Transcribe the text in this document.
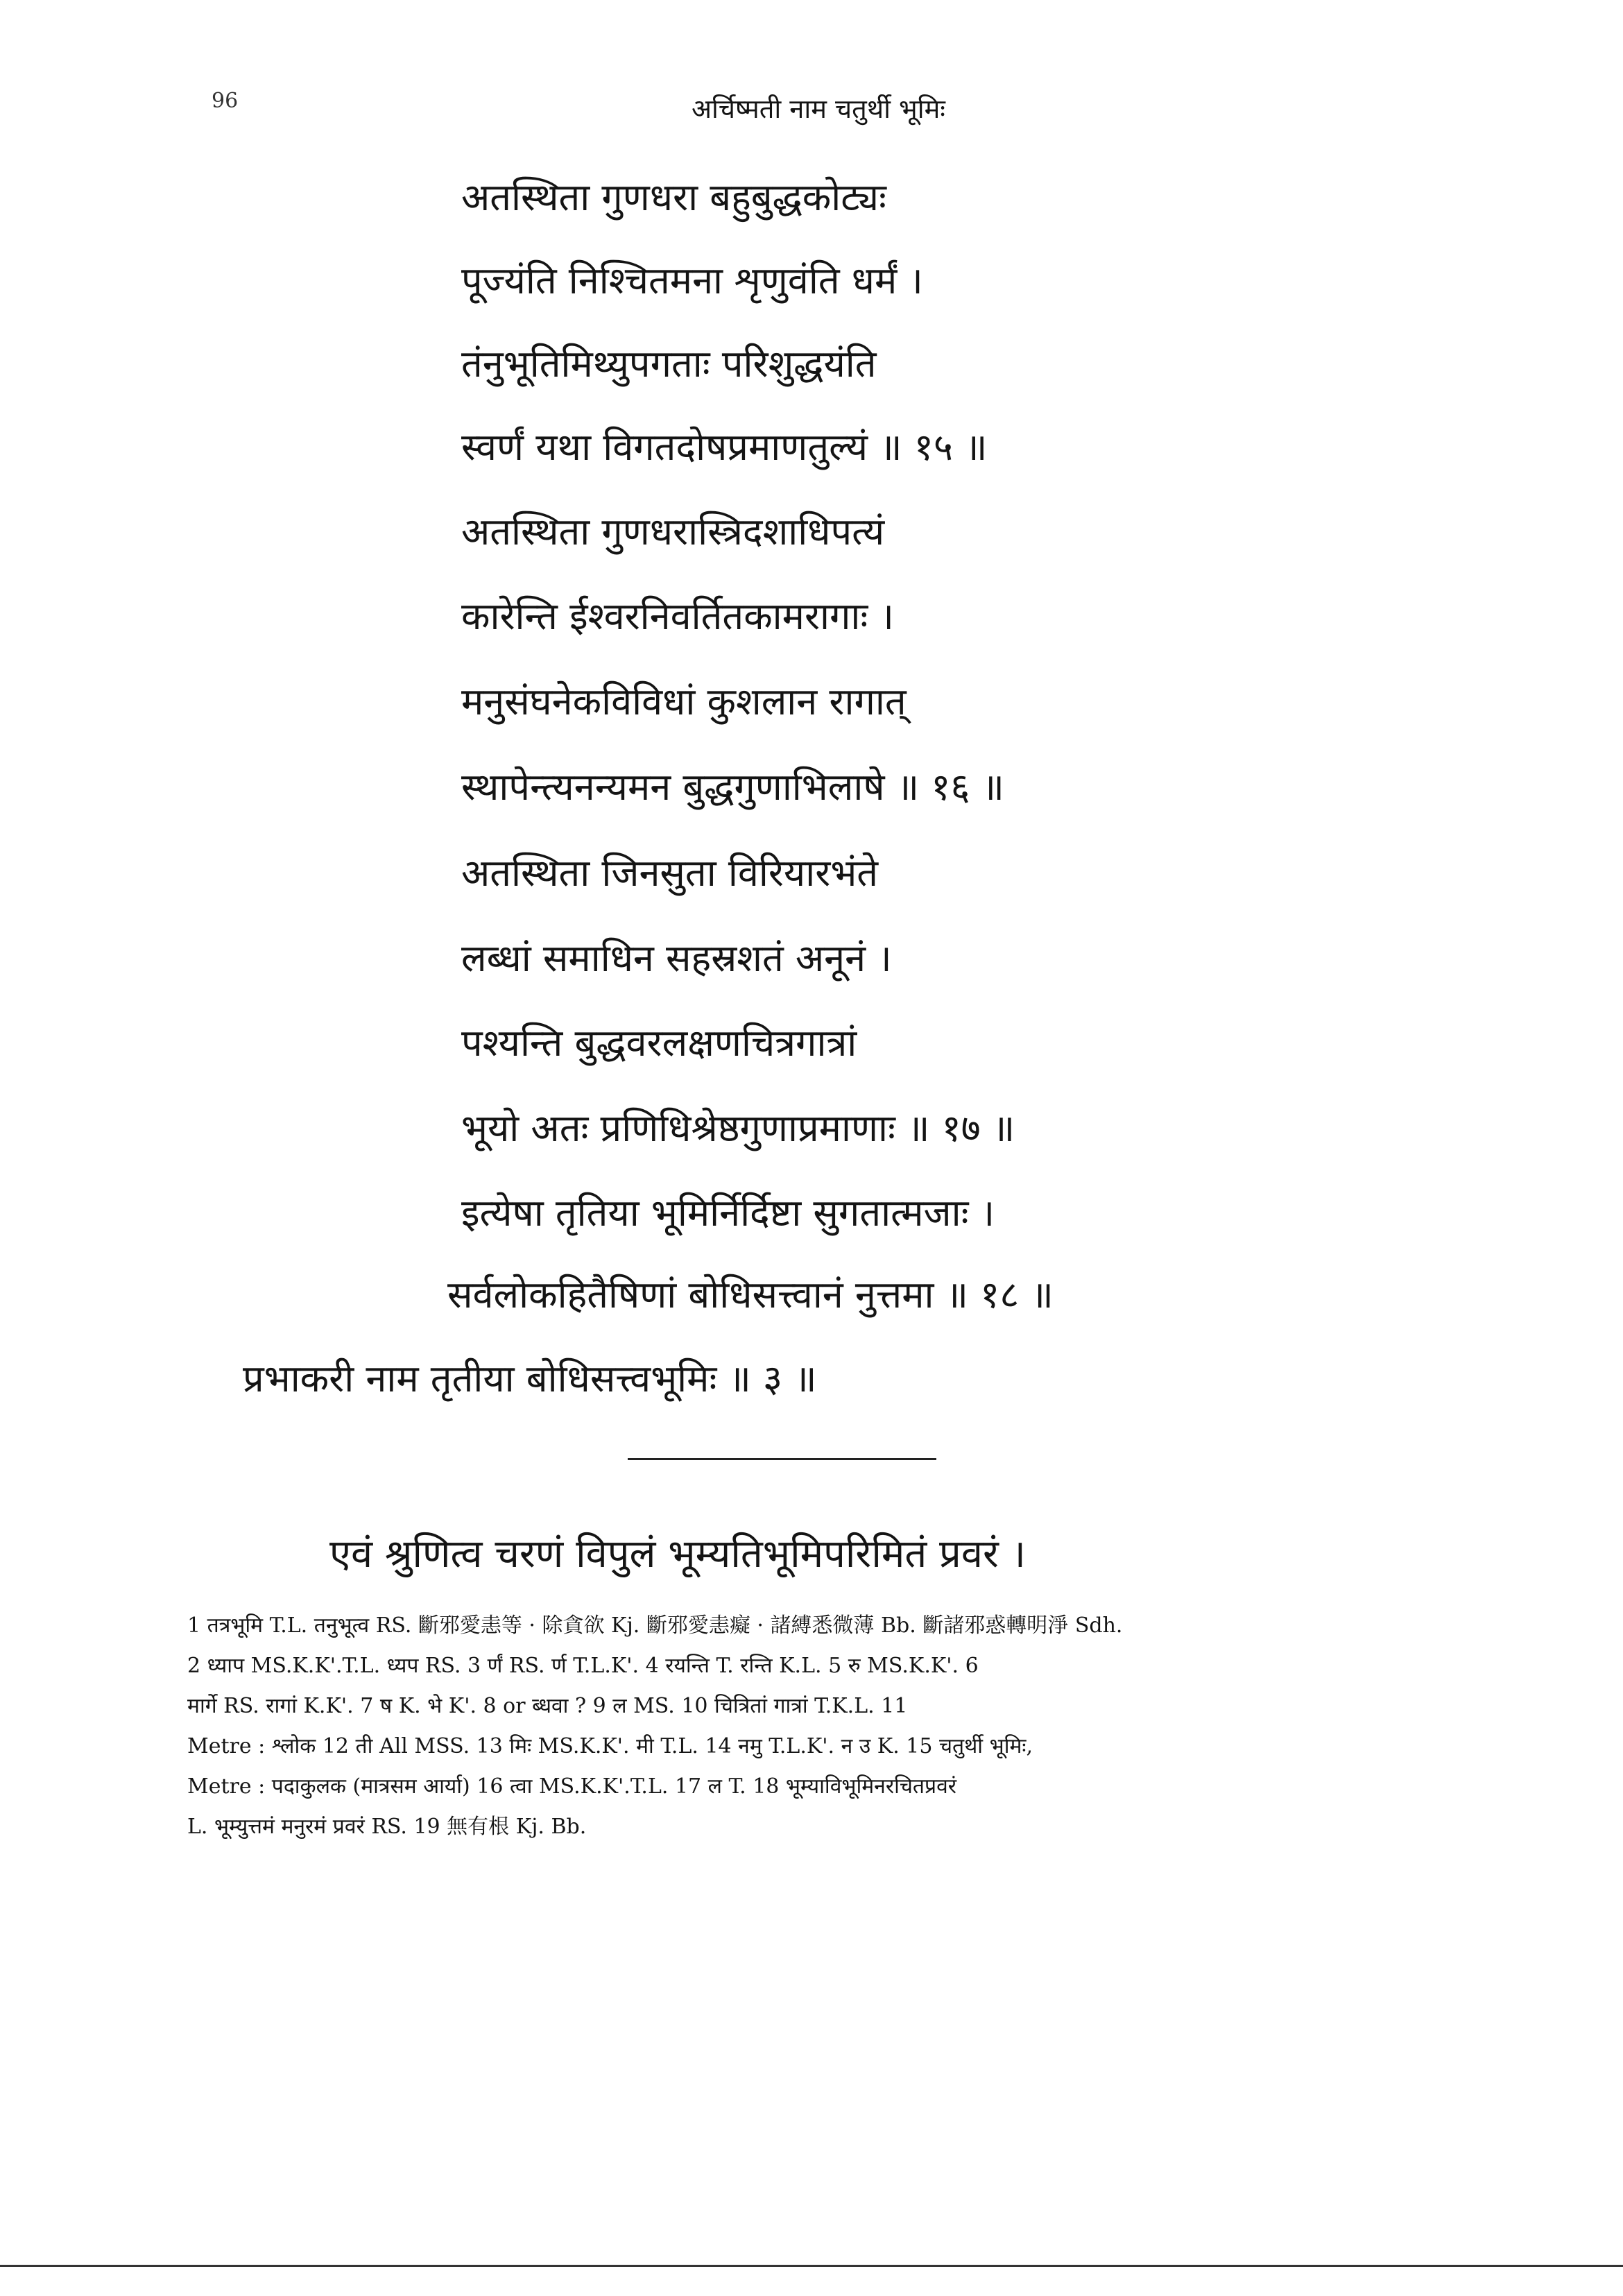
96	अर्चिष्मती नाम चतुर्थी भूमिः
अतस्थिता गुणधरा बहुबुद्धकोट्यः
पूज्यंति निश्चितमना शृणुवंति धर्मं ।
तंनुभूतिमिथ्युपगताः परिशुद्धयंति
स्वर्णं यथा विगतदोषप्रमाणतुल्यं ॥ १५ ॥
अतस्थिता गुणधरास्त्रिदशाधिपत्यं
कारेन्ति ईश्वरनिवर्तितकामरागाः ।
मनुसंघनेकविविधां कुशलान रागात्
स्थापेन्त्यनन्यमन बुद्धगुणाभिलाषे ॥ १६ ॥
अतस्थिता जिनसुता विरियारभंते
लब्धां समाधिन सहस्रशतं अनूनं ।
पश्यन्ति बुद्धवरलक्षणचित्रगात्रां
भूयो अतः प्रणिधिश्रेष्ठगुणाप्रमाणाः ॥ १७ ॥
इत्येषा तृतिया भूमिर्निर्दिष्टा सुगतात्मजाः ।
सर्वलोकहितैषिणां बोधिसत्त्वानं नुत्तमा ॥ १८ ॥
प्रभाकरी नाम तृतीया बोधिसत्त्वभूमिः ॥ ३ ॥
एवं श्रुणित्व चरणं विपुलं भूम्यतिभूमिपरिमितं प्रवरं ।
1 तत्रभूमि T.L. तनुभूत्व RS. 斷邪愛恚等 · 除貪欲 Kj. 斷邪愛恚癡 · 諸縛悉微薄 Bb. 斷諸邪惑轉明淨 Sdh.
2 ध्याप MS.K.K'.T.L. ध्यप RS. 3 र्णं RS. र्ण T.L.K'. 4 रयन्ति T. रन्ति K.L. 5 रु MS.K.K'. 6
मार्गे RS. रागां K.K'. 7 ष K. भे K'. 8 or ब्धवा ? 9 ल MS. 10 चित्रितां गात्रां T.K.L. 11
Metre : श्लोक 12 ती All MSS. 13 मिः MS.K.K'. मी T.L. 14 नमु T.L.K'. न उ K. 15 चतुर्थी भूमिः,
Metre : पदाकुलक (मात्रसम आर्या) 16 त्वा MS.K.K'.T.L. 17 ल T. 18 भूम्याविभूमिनरचितप्रवरं
L. भूम्युत्तमं मनुरमं प्रवरं RS. 19 無有根 Kj. Bb.
